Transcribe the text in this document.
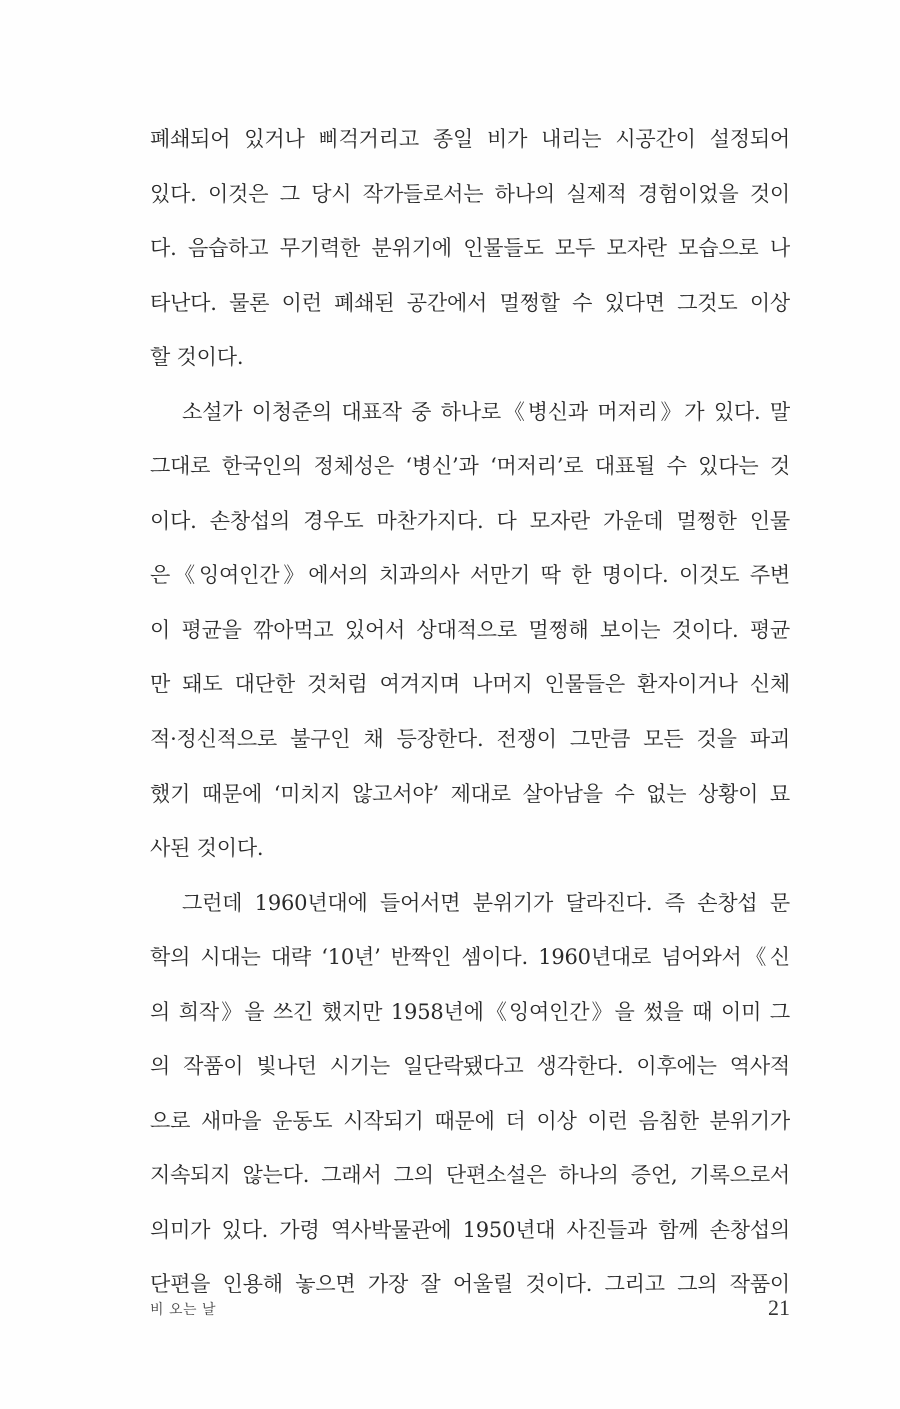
폐쇄되어 있거나 삐걱거리고 종일 비가 내리는 시공간이 설정되어
있다. 이것은 그 당시 작가들로서는 하나의 실제적 경험이었을 것이
다. 음습하고 무기력한 분위기에 인물들도 모두 모자란 모습으로 나
타난다. 물론 이런 폐쇄된 공간에서 멀쩡할 수 있다면 그것도 이상
할 것이다.
소설가 이청준의 대표작 중 하나로《병신과 머저리》가 있다. 말
그대로 한국인의 정체성은 ‘병신’과 ‘머저리’로 대표될 수 있다는 것
이다. 손창섭의 경우도 마찬가지다. 다 모자란 가운데 멀쩡한 인물
은《잉여인간》에서의 치과의사 서만기 딱 한 명이다. 이것도 주변
이 평균을 깎아먹고 있어서 상대적으로 멀쩡해 보이는 것이다. 평균
만 돼도 대단한 것처럼 여겨지며 나머지 인물들은 환자이거나 신체
적·정신적으로 불구인 채 등장한다. 전쟁이 그만큼 모든 것을 파괴
했기 때문에 ‘미치지 않고서야’ 제대로 살아남을 수 없는 상황이 묘
사된 것이다.
그런데 1960년대에 들어서면 분위기가 달라진다. 즉 손창섭 문
학의 시대는 대략 ‘10년’ 반짝인 셈이다. 1960년대로 넘어와서《신
의 희작》을 쓰긴 했지만 1958년에《잉여인간》을 썼을 때 이미 그
의 작품이 빛나던 시기는 일단락됐다고 생각한다. 이후에는 역사적
으로 새마을 운동도 시작되기 때문에 더 이상 이런 음침한 분위기가
지속되지 않는다. 그래서 그의 단편소설은 하나의 증언, 기록으로서
의미가 있다. 가령 역사박물관에 1950년대 사진들과 함께 손창섭의
단편을 인용해 놓으면 가장 잘 어울릴 것이다. 그리고 그의 작품이
비 오는 날	21
